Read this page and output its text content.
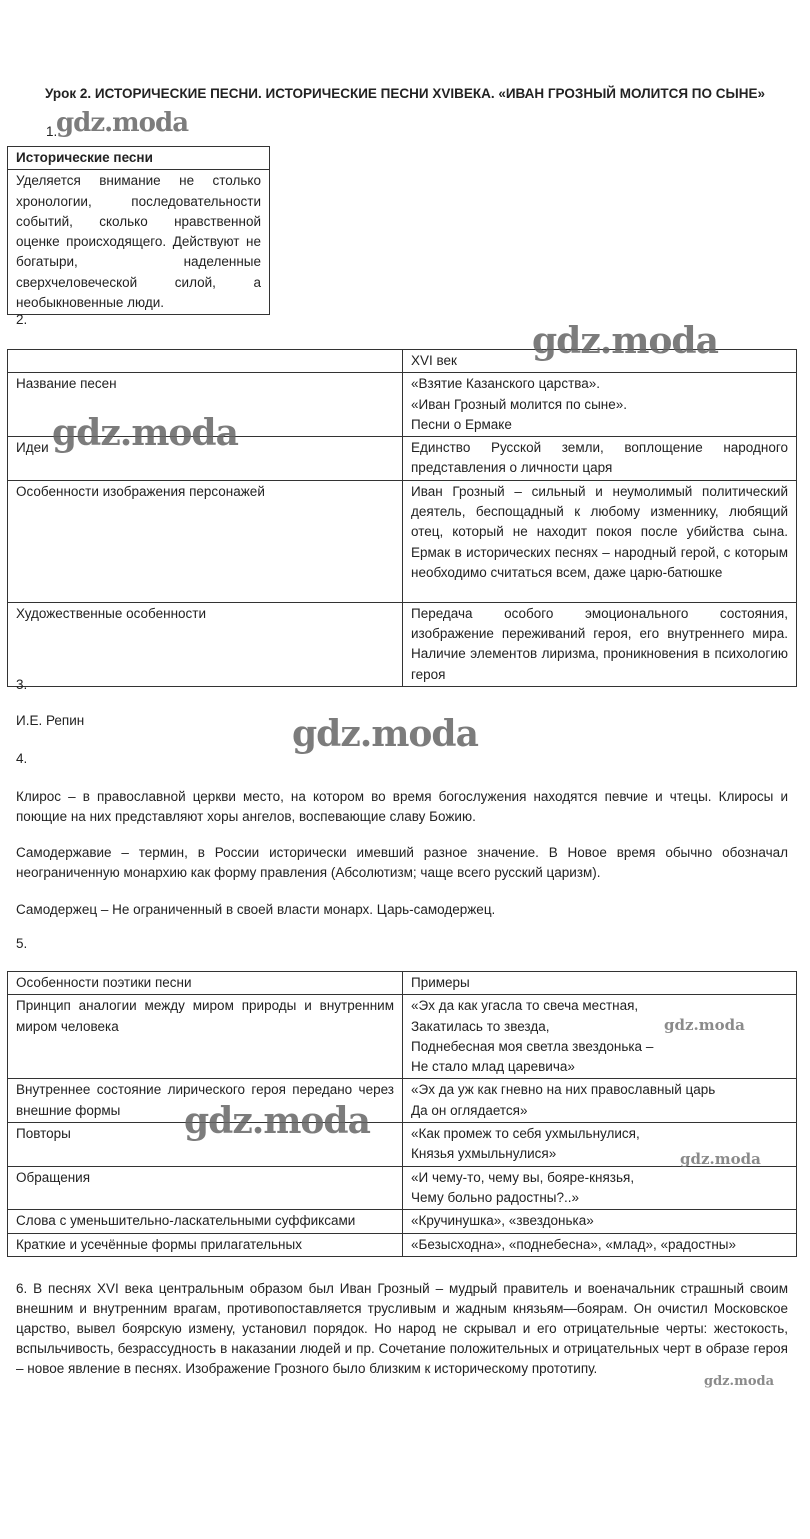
Урок 2. ИСТОРИЧЕСКИЕ ПЕСНИ. ИСТОРИЧЕСКИЕ ПЕСНИ XVIВЕКА. «ИВАН ГРОЗНЫЙ МОЛИТСЯ ПО СЫНЕ»
1.
Исторические песни
Уделяется внимание не столько хронологии, последовательности событий, сколько нравственной оценке происходящего. Действуют не богатыри, наделенные сверхчеловеческой силой, а необыкновенные люди.
2.
	XVI век
Название песен	«Взятие Казанского царства».
«Иван Грозный молится по сыне».
Песни о Ермаке

Идеи	Единство Русской земли, воплощение народного представления о личности царя
Особенности изображения персонажей	Иван Грозный – сильный и неумолимый политический деятель, беспощадный к любому изменнику, любящий отец, который не находит покоя после убийства сына. Ермак в исторических песнях – народный герой, с которым необходимо считаться всем, даже царю-батюшке
Художественные особенности	Передача особого эмоционального состояния, изображение переживаний героя, его внутреннего мира. Наличие элементов лиризма, проникновения в психологию героя
3.
И.Е. Репин
4.

Клирос – в православной церкви место, на котором во время богослужения находятся певчие и чтецы. Клиросы и поющие на них представляют хоры ангелов, воспевающие славу Божию.

Самодержавие – термин, в России исторически имевший разное значение. В Новое время обычно обозначал неограниченную монархию как форму правления (Абсолютизм; чаще всего русский царизм).

Самодержец – Не ограниченный в своей власти монарх. Царь-самодержец.

5.
Особенности поэтики песни	Примеры
Принцип аналогии между миром природы и внутренним миром человека	«Эх да как угасла то свеча местная,
Закатилась то звезда,
Поднебесная моя светла звездонька –
Не стало млад царевича»

Внутреннее состояние лирического героя передано через внешние формы	«Эх да уж как гневно на них православный царь
Да он оглядается»

Повторы	«Как промеж то себя ухмыльнулися,
Князья ухмыльнулися»

Обращения	«И чему-то, чему вы, бояре-князья,
Чему больно радостны?..»

Слова с уменьшительно-ласкательными суффиксами	«Кручинушка», «звездонька»
Краткие и усечённые формы прилагательных	«Безысходна», «поднебесна», «млад», «радостны»

6. В песнях XVI века центральным образом был Иван Грозный – мудрый правитель и военачальник страшный своим внешним и внутренним врагам, противопоставляется трусливым и жадным князьям—боярам. Он очистил Московское царство, вывел боярскую измену, установил порядок. Но народ не скрывал и его отрицательные черты: жестокость, вспыльчивость, безрассудность в наказании людей и пр. Сочетание положительных и отрицательных черт в образе героя – новое явление в песнях. Изображение Грозного было близким к историческому прототипу.

gdz.moda
gdz.moda
gdz.moda
gdz.moda
gdz.moda
gdz.moda
gdz.moda
gdz.moda
